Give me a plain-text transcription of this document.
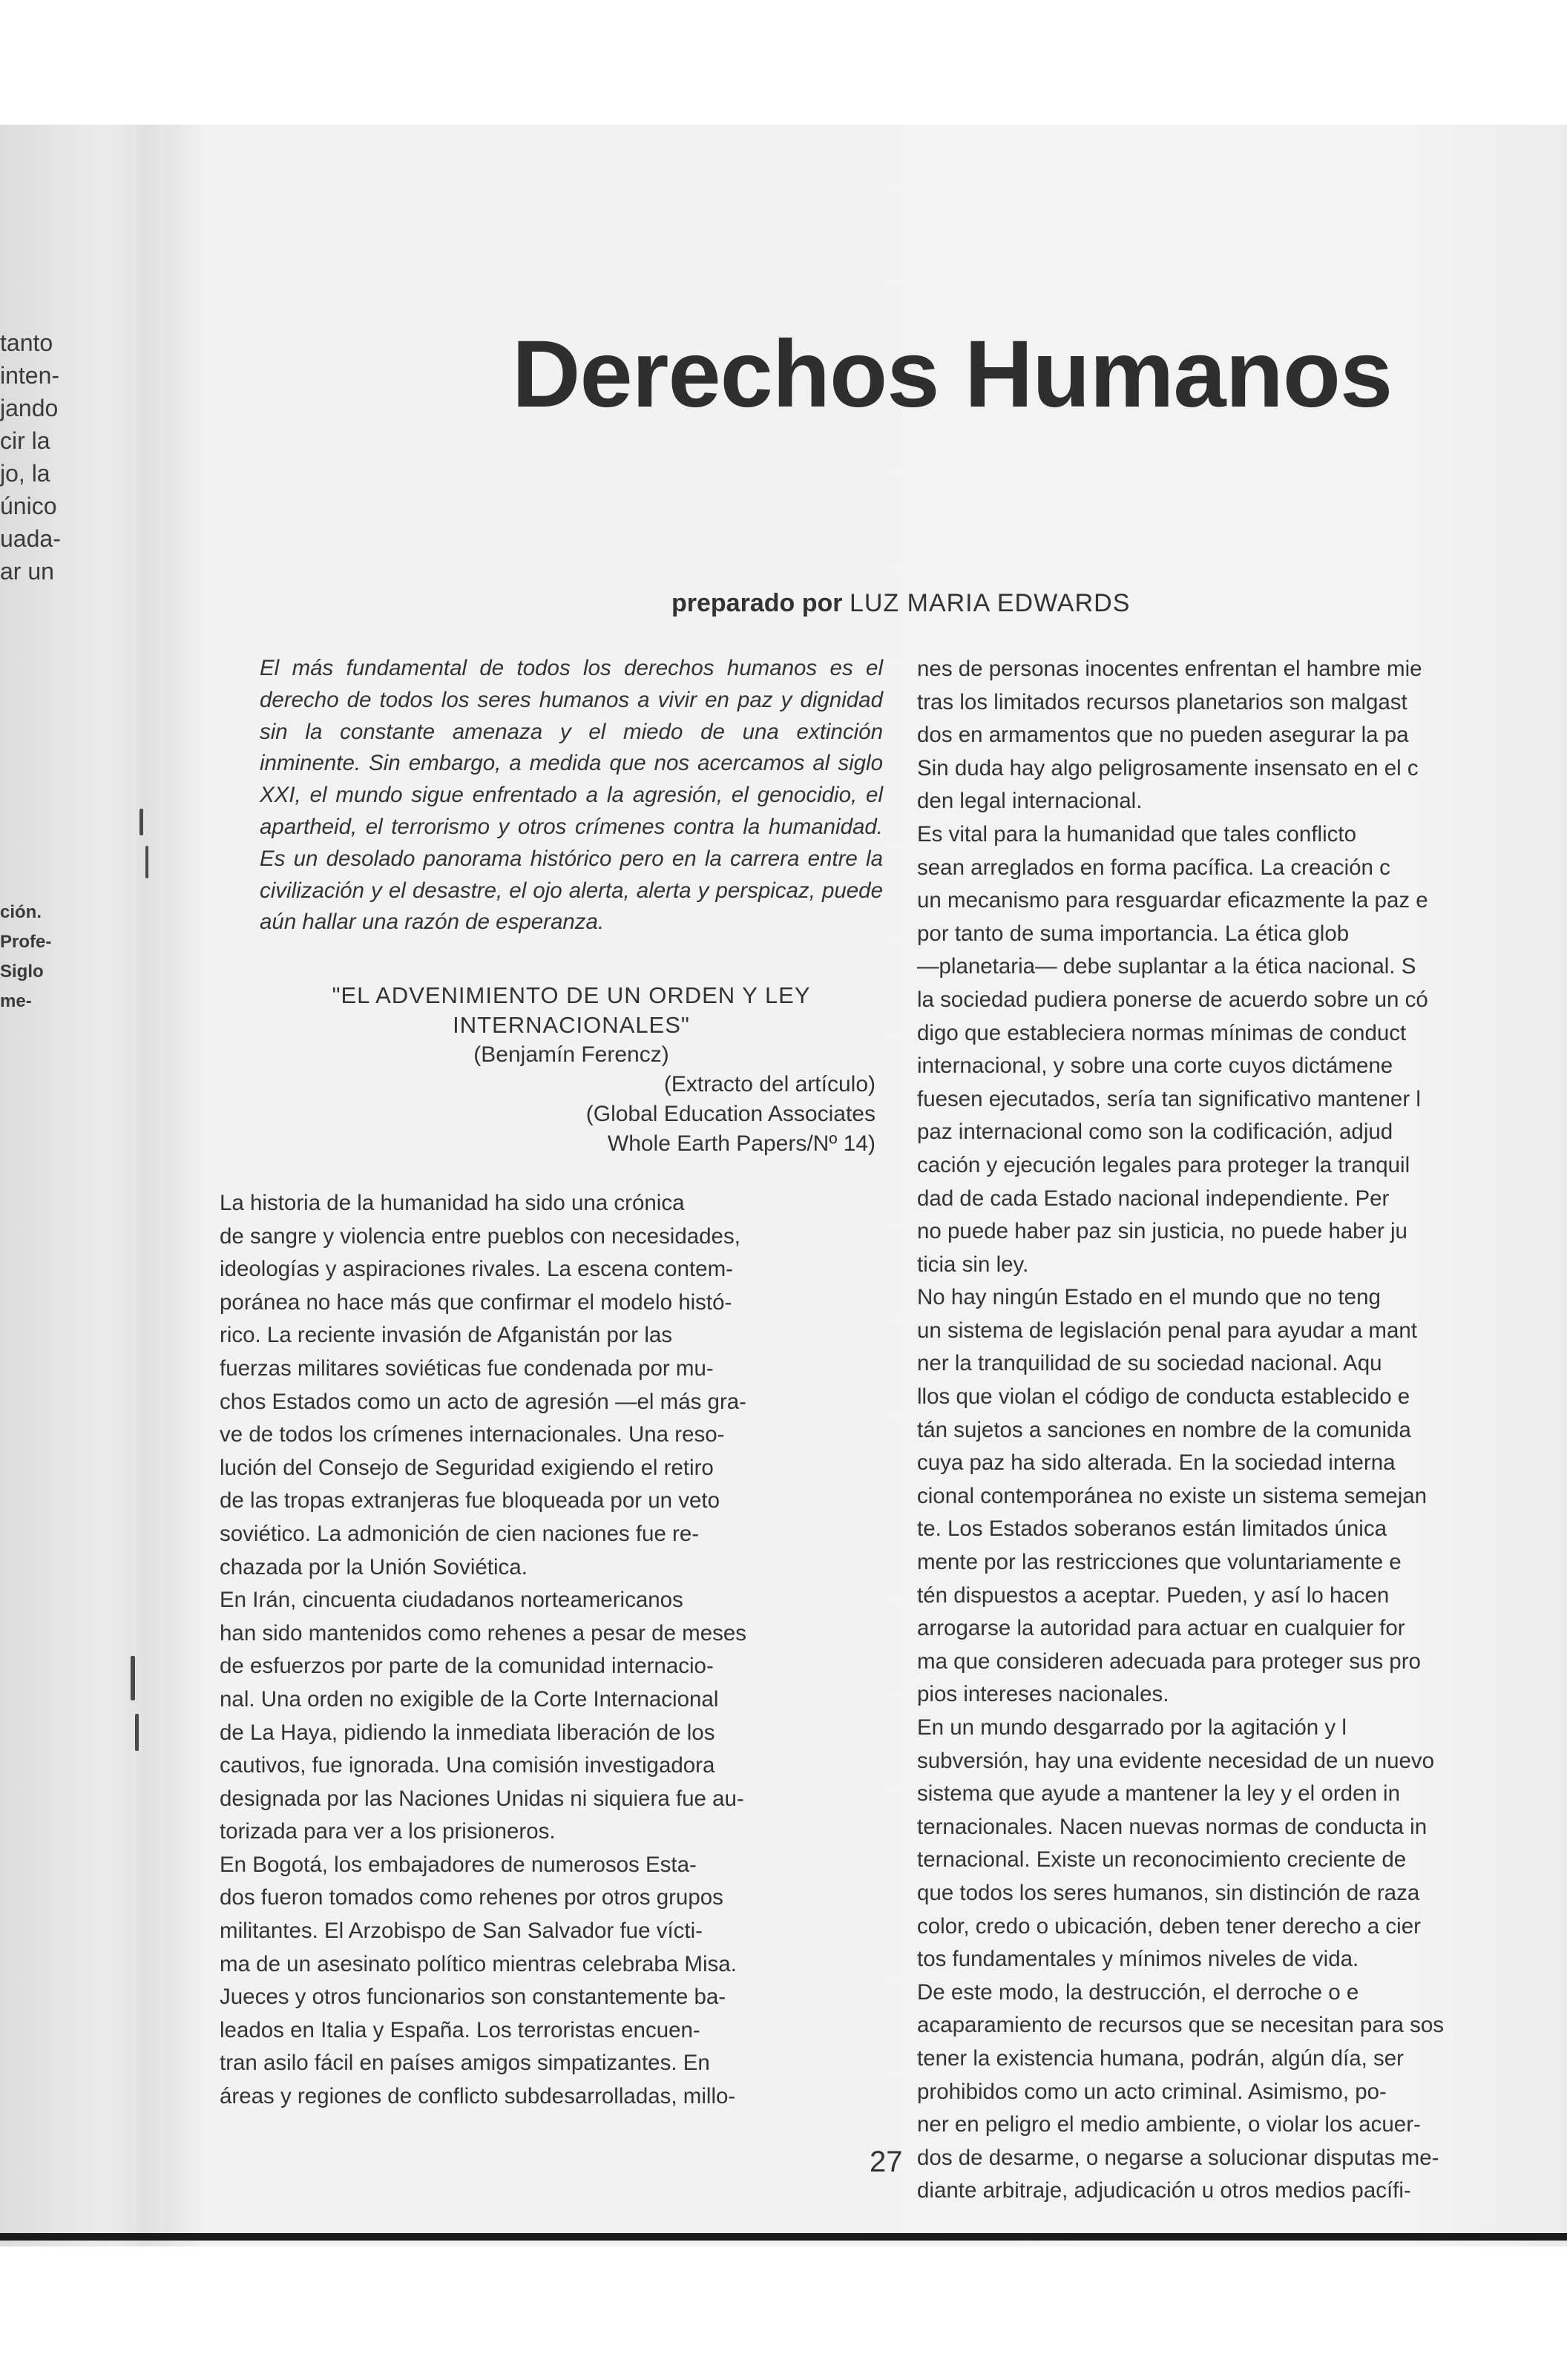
tanto
inten-
jando
cir la
jo, la
único
uada-
ar un
ción.
Profe-
Siglo
me-
Derechos Humanos
preparado por LUZ MARIA EDWARDS

El más fundamental de todos los derechos humanos es el derecho de todos los seres humanos a vivir en paz y dignidad sin la constante amenaza y el miedo de una extinción inminente. Sin embargo, a medida que nos acercamos al siglo XXI, el mundo sigue enfrentado a la agresión, el genocidio, el apartheid, el terrorismo y otros crímenes contra la humanidad. Es un desolado panorama histórico pero en la carrera entre la civilización y el desastre, el ojo alerta, alerta y perspicaz, puede aún hallar una razón de esperanza.

"EL ADVENIMIENTO DE UN ORDEN Y LEY INTERNACIONALES"
(Benjamín Ferencz)
(Extracto del artículo)
(Global Education Associates
Whole Earth Papers/Nº 14)
La historia de la humanidad ha sido una crónica
de sangre y violencia entre pueblos con necesidades,
ideologías y aspiraciones rivales. La escena contem-
poránea no hace más que confirmar el modelo histó-
rico. La reciente invasión de Afganistán por las
fuerzas militares soviéticas fue condenada por mu-
chos Estados como un acto de agresión —el más gra-
ve de todos los crímenes internacionales. Una reso-
lución del Consejo de Seguridad exigiendo el retiro
de las tropas extranjeras fue bloqueada por un veto
soviético. La admonición de cien naciones fue re-
chazada por la Unión Soviética.
En Irán, cincuenta ciudadanos norteamericanos
han sido mantenidos como rehenes a pesar de meses
de esfuerzos por parte de la comunidad internacio-
nal. Una orden no exigible de la Corte Internacional
de La Haya, pidiendo la inmediata liberación de los
cautivos, fue ignorada. Una comisión investigadora
designada por las Naciones Unidas ni siquiera fue au-
torizada para ver a los prisioneros.
En Bogotá, los embajadores de numerosos Esta-
dos fueron tomados como rehenes por otros grupos
militantes. El Arzobispo de San Salvador fue vícti-
ma de un asesinato político mientras celebraba Misa.
Jueces y otros funcionarios son constantemente ba-
leados en Italia y España. Los terroristas encuen-
tran asilo fácil en países amigos simpatizantes. En
áreas y regiones de conflicto subdesarrolladas, millo-
nes de personas inocentes enfrentan el hambre mie
tras los limitados recursos planetarios son malgast
dos en armamentos que no pueden asegurar la pa
Sin duda hay algo peligrosamente insensato en el c
den legal internacional.
Es vital para la humanidad que tales conflicto
sean arreglados en forma pacífica. La creación c
un mecanismo para resguardar eficazmente la paz e
por tanto de suma importancia. La ética glob
—planetaria— debe suplantar a la ética nacional. S
la sociedad pudiera ponerse de acuerdo sobre un có
digo que estableciera normas mínimas de conduct
internacional, y sobre una corte cuyos dictámene
fuesen ejecutados, sería tan significativo mantener l
paz internacional como son la codificación, adjud
cación y ejecución legales para proteger la tranquil
dad de cada Estado nacional independiente. Per
no puede haber paz sin justicia, no puede haber ju
ticia sin ley.
No hay ningún Estado en el mundo que no teng
un sistema de legislación penal para ayudar a mant
ner la tranquilidad de su sociedad nacional. Aqu
llos que violan el código de conducta establecido e
tán sujetos a sanciones en nombre de la comunida
cuya paz ha sido alterada. En la sociedad interna
cional contemporánea no existe un sistema semejan
te. Los Estados soberanos están limitados únicа
mente por las restricciones que voluntariamente e
tén dispuestos a aceptar. Pueden, y así lo hacen
arrogarse la autoridad para actuar en cualquier for
ma que consideren adecuada para proteger sus pro
pios intereses nacionales.
En un mundo desgarrado por la agitación y l
subversión, hay una evidente necesidad de un nuevo
sistema que ayude a mantener la ley y el orden in
ternacionales. Nacen nuevas normas de conducta in
ternacional. Existe un reconocimiento creciente de
que todos los seres humanos, sin distinción de raza
color, credo o ubicación, deben tener derecho a cier
tos fundamentales y mínimos niveles de vida.
De este modo, la destrucción, el derroche o e
acaparamiento de recursos que se necesitan para sos
tener la existencia humana, podrán, algún día, ser
prohibidos como un acto criminal. Asimismo, po-
ner en peligro el medio ambiente, o violar los acuer-
dos de desarme, o negarse a solucionar disputas me-
diante arbitraje, adjudicación u otros medios pacífi-
27
